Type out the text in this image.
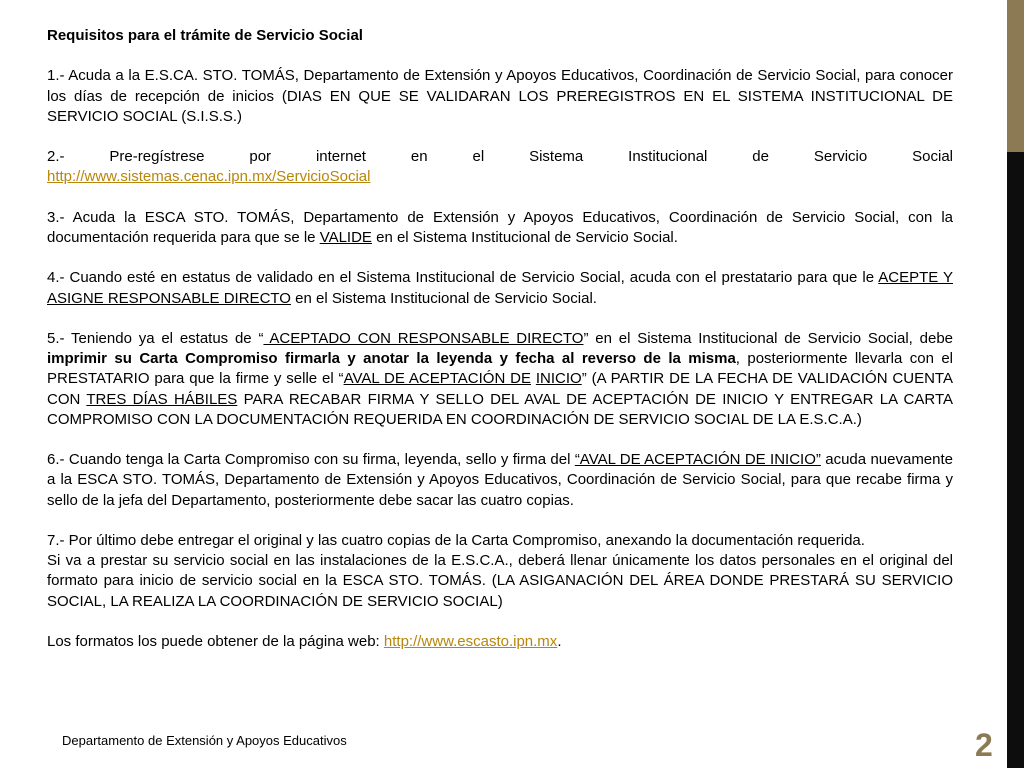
Requisitos para el trámite de Servicio Social
1.- Acuda a la E.S.CA. STO. TOMÁS, Departamento de Extensión y Apoyos Educativos, Coordinación de Servicio Social, para conocer los días de recepción de inicios (DIAS EN QUE SE VALIDARAN LOS PREREGISTROS EN EL SISTEMA INSTITUCIONAL DE SERVICIO SOCIAL (S.I.S.S.)
2.- Pre-regístrese por internet en el Sistema Institucional de Servicio Social
http://www.sistemas.cenac.ipn.mx/ServicioSocial
3.- Acuda la ESCA STO. TOMÁS, Departamento de Extensión y Apoyos Educativos, Coordinación de Servicio Social, con la documentación requerida para que se le VALIDE en el Sistema Institucional de Servicio Social.
4.- Cuando esté en estatus de validado en el Sistema Institucional de Servicio Social, acuda con el prestatario para que le ACEPTE Y ASIGNE RESPONSABLE DIRECTO en el Sistema Institucional de Servicio Social.
5.- Teniendo ya el estatus de “ ACEPTADO CON RESPONSABLE DIRECTO” en el Sistema Institucional de Servicio Social, debe imprimir su Carta Compromiso firmarla y anotar la leyenda y fecha al reverso de la misma, posteriormente llevarla con el PRESTATARIO para que la firme y selle el “AVAL DE ACEPTACIÓN DE INICIO” (A PARTIR DE LA FECHA DE VALIDACIÓN CUENTA CON TRES DÍAS HÁBILES PARA RECABAR FIRMA Y SELLO DEL AVAL DE ACEPTACIÓN DE INICIO Y ENTREGAR LA CARTA COMPROMISO CON LA DOCUMENTACIÓN REQUERIDA EN COORDINACIÓN DE SERVICIO SOCIAL DE LA E.S.C.A.)
6.- Cuando tenga la Carta Compromiso con su firma, leyenda, sello y firma del “AVAL DE ACEPTACIÓN DE INICIO” acuda nuevamente a la ESCA STO. TOMÁS, Departamento de Extensión y Apoyos Educativos, Coordinación de Servicio Social, para que recabe firma y sello de la jefa del Departamento, posteriormente debe sacar las cuatro copias.
7.- Por último debe entregar el original y las cuatro copias de la Carta Compromiso, anexando la documentación requerida.
Si va a prestar su servicio social en las instalaciones de la E.S.C.A., deberá llenar únicamente los datos personales en el original del formato para inicio de servicio social en la ESCA STO. TOMÁS. (LA ASIGANACIÓN DEL ÁREA DONDE PRESTARÁ SU SERVICIO SOCIAL, LA REALIZA LA COORDINACIÓN DE SERVICIO SOCIAL)
Los formatos los puede obtener de la página web: http://www.escasto.ipn.mx.
Departamento de Extensión y Apoyos Educativos	2
